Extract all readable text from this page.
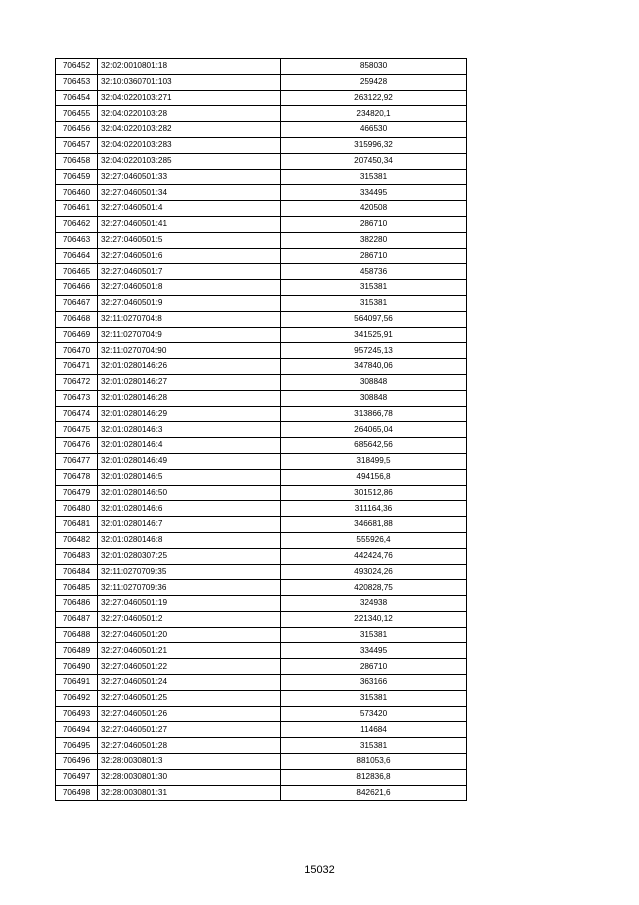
706452	32:02:0010801:18	858030
706453	32:10:0360701:103	259428
706454	32:04:0220103:271	263122,92
706455	32:04:0220103:28	234820,1
706456	32:04:0220103:282	466530
706457	32:04:0220103:283	315996,32
706458	32:04:0220103:285	207450,34
706459	32:27:0460501:33	315381
706460	32:27:0460501:34	334495
706461	32:27:0460501:4	420508
706462	32:27:0460501:41	286710
706463	32:27:0460501:5	382280
706464	32:27:0460501:6	286710
706465	32:27:0460501:7	458736
706466	32:27:0460501:8	315381
706467	32:27:0460501:9	315381
706468	32:11:0270704:8	564097,56
706469	32:11:0270704:9	341525,91
706470	32:11:0270704:90	957245,13
706471	32:01:0280146:26	347840,06
706472	32:01:0280146:27	308848
706473	32:01:0280146:28	308848
706474	32:01:0280146:29	313866,78
706475	32:01:0280146:3	264065,04
706476	32:01:0280146:4	685642,56
706477	32:01:0280146:49	318499,5
706478	32:01:0280146:5	494156,8
706479	32:01:0280146:50	301512,86
706480	32:01:0280146:6	311164,36
706481	32:01:0280146:7	346681,88
706482	32:01:0280146:8	555926,4
706483	32:01:0280307:25	442424,76
706484	32:11:0270709:35	493024,26
706485	32:11:0270709:36	420828,75
706486	32:27:0460501:19	324938
706487	32:27:0460501:2	221340,12
706488	32:27:0460501:20	315381
706489	32:27:0460501:21	334495
706490	32:27:0460501:22	286710
706491	32:27:0460501:24	363166
706492	32:27:0460501:25	315381
706493	32:27:0460501:26	573420
706494	32:27:0460501:27	114684
706495	32:27:0460501:28	315381
706496	32:28:0030801:3	881053,6
706497	32:28:0030801:30	812836,8
706498	32:28:0030801:31	842621,6
15032
